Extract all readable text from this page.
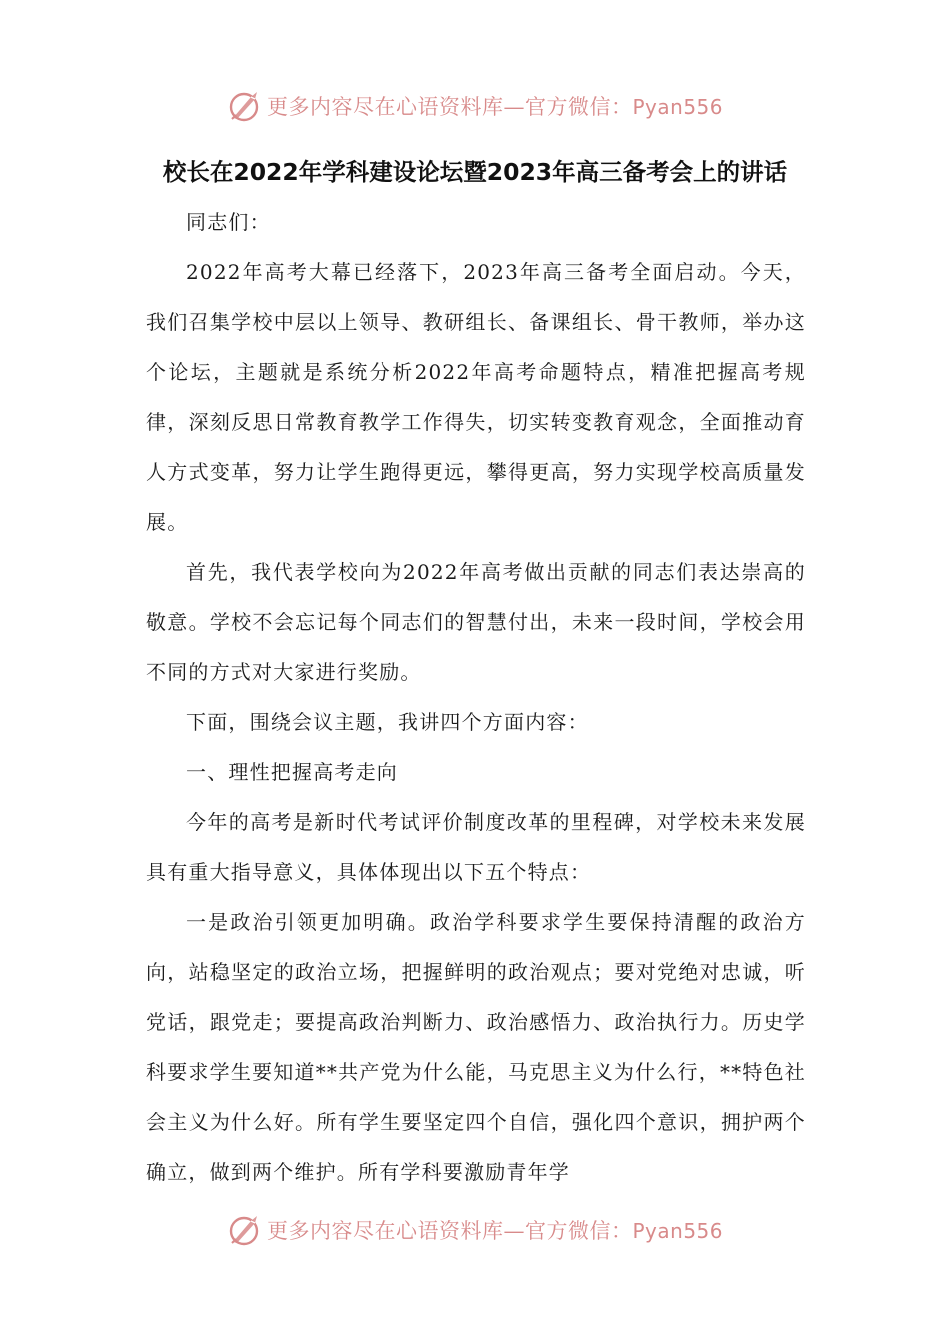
更多内容尽在心语资料库—官方微信：Pyan556
校长在2022年学科建设论坛暨2023年高三备考会上的讲话

同志们：

2022年高考大幕已经落下，2023年高三备考全面启动。今天，我们召集学校中层以上领导、教研组长、备课组长、骨干教师，举办这个论坛，主题就是系统分析2022年高考命题特点，精准把握高考规律，深刻反思日常教育教学工作得失，切实转变教育观念，全面推动育人方式变革，努力让学生跑得更远，攀得更高，努力实现学校高质量发展。

首先，我代表学校向为2022年高考做出贡献的同志们表达崇高的敬意。学校不会忘记每个同志们的智慧付出，未来一段时间，学校会用不同的方式对大家进行奖励。

下面，围绕会议主题，我讲四个方面内容：

一、理性把握高考走向

今年的高考是新时代考试评价制度改革的里程碑，对学校未来发展具有重大指导意义，具体体现出以下五个特点：

一是政治引领更加明确。政治学科要求学生要保持清醒的政治方向，站稳坚定的政治立场，把握鲜明的政治观点；要对党绝对忠诚，听党话，跟党走；要提高政治判断力、政治感悟力、政治执行力。历史学科要求学生要知道**共产党为什么能，马克思主义为什么行，**特色社会主义为什么好。所有学生要坚定四个自信，强化四个意识，拥护两个确立，做到两个维护。所有学科要激励青年学

更多内容尽在心语资料库—官方微信：Pyan556
